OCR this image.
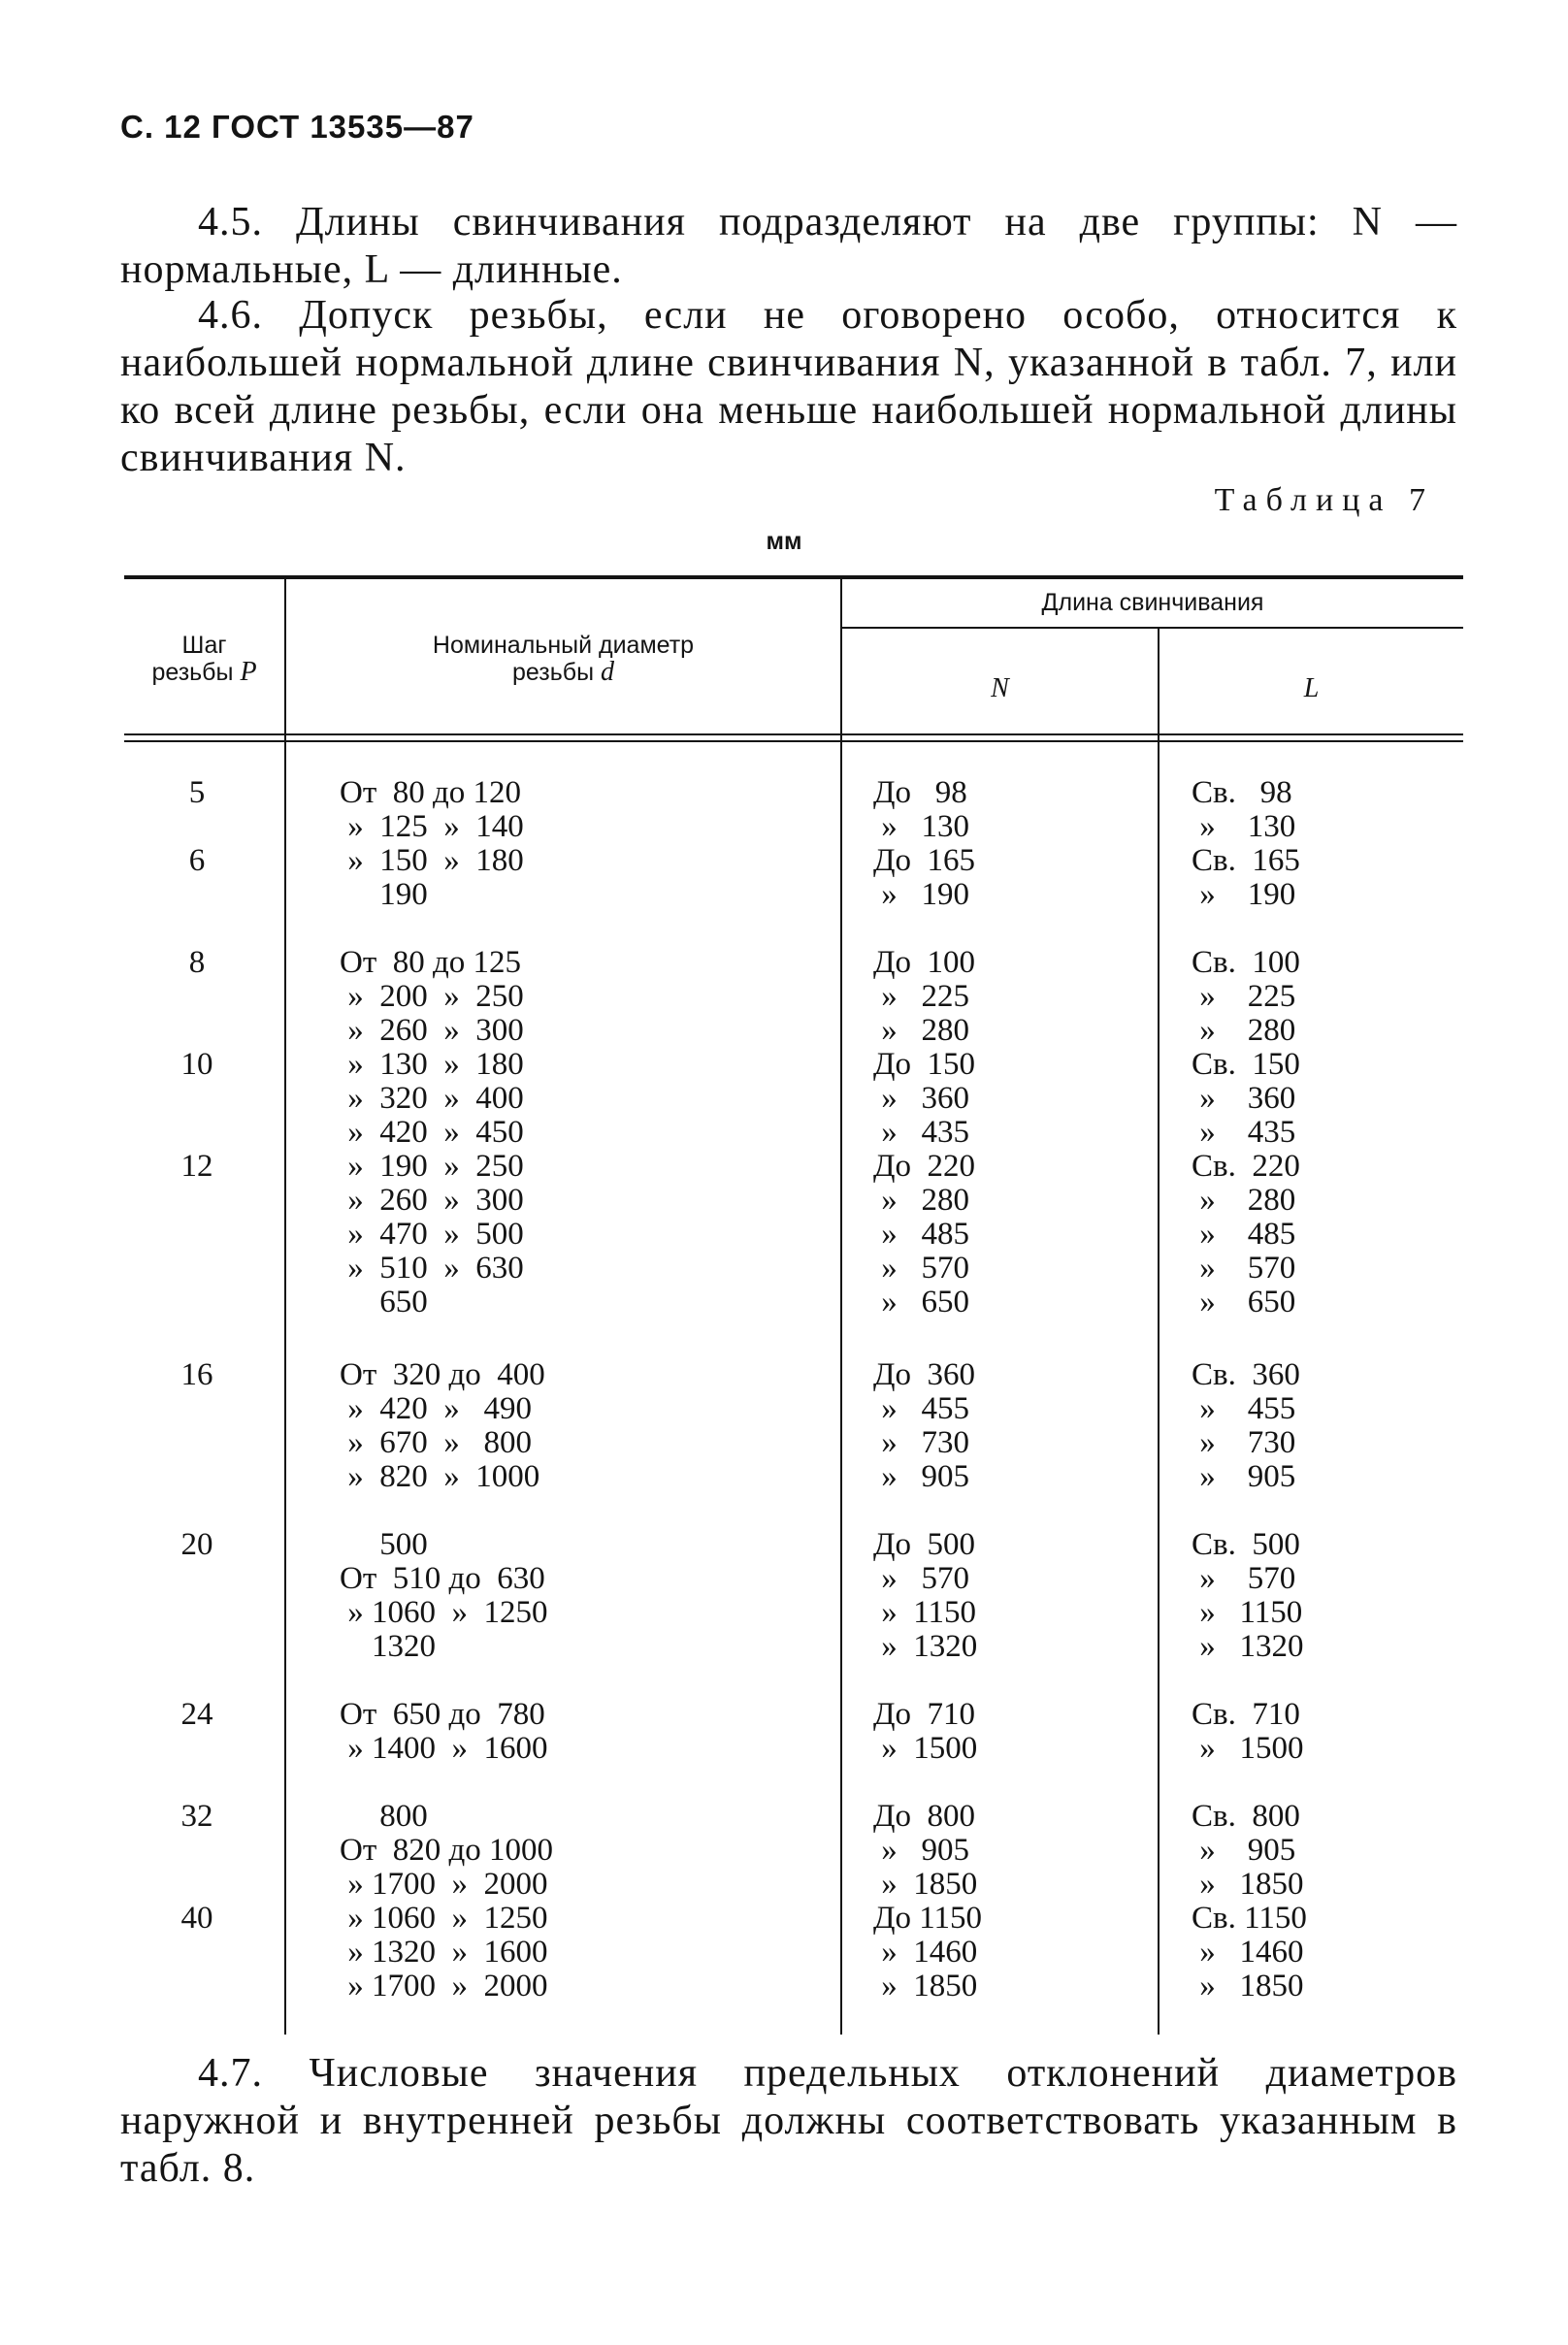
С. 12 ГОСТ 13535—87
4.5. Длины свинчивания подразделяют на две группы: N — нормальные, L — длинные.
4.6. Допуск резьбы, если не оговорено особо, относится к наибольшей нормальной длине свинчивания N, указанной в табл. 7, или ко всей длине резьбы, если она меньше наибольшей нормальной длины свинчивания N.
Таблица 7
мм
Шаг
резьбы P
Номинальный диаметр
резьбы d
Длина свинчивания
N	L
5	От  80 до 120	До   98	Св.   98
»  125  »  140	»   130	»    130
6	»  150  »  180	До  165	Св.  165
190	»   190	»    190
8	От  80 до 125	До  100	Св.  100
»  200  »  250	»   225	»    225
»  260  »  300	»   280	»    280
10	»  130  »  180	До  150	Св.  150
»  320  »  400	»   360	»    360
»  420  »  450	»   435	»    435
12	»  190  »  250	До  220	Св.  220
»  260  »  300	»   280	»    280
»  470  »  500	»   485	»    485
»  510  »  630	»   570	»    570
650	»   650	»    650
16	От  320 до  400	До  360	Св.  360
»  420  »   490	»   455	»    455
»  670  »   800	»   730	»    730
»  820  »  1000	»   905	»    905
20	500	До  500	Св.  500
От  510 до  630	»   570	»    570
» 1060  »  1250	»  1150	»   1150
1320	»  1320	»   1320
24	От  650 до  780	До  710	Св.  710
» 1400  »  1600	»  1500	»   1500
32	800	До  800	Св.  800
От  820 до 1000	»   905	»    905
» 1700  »  2000	»  1850	»   1850
40	» 1060  »  1250	До 1150	Св. 1150
» 1320  »  1600	»  1460	»   1460
» 1700  »  2000	»  1850	»   1850
4.7. Числовые значения предельных отклонений диаметров наружной и внутренней резьбы должны соответствовать указанным в табл. 8.
